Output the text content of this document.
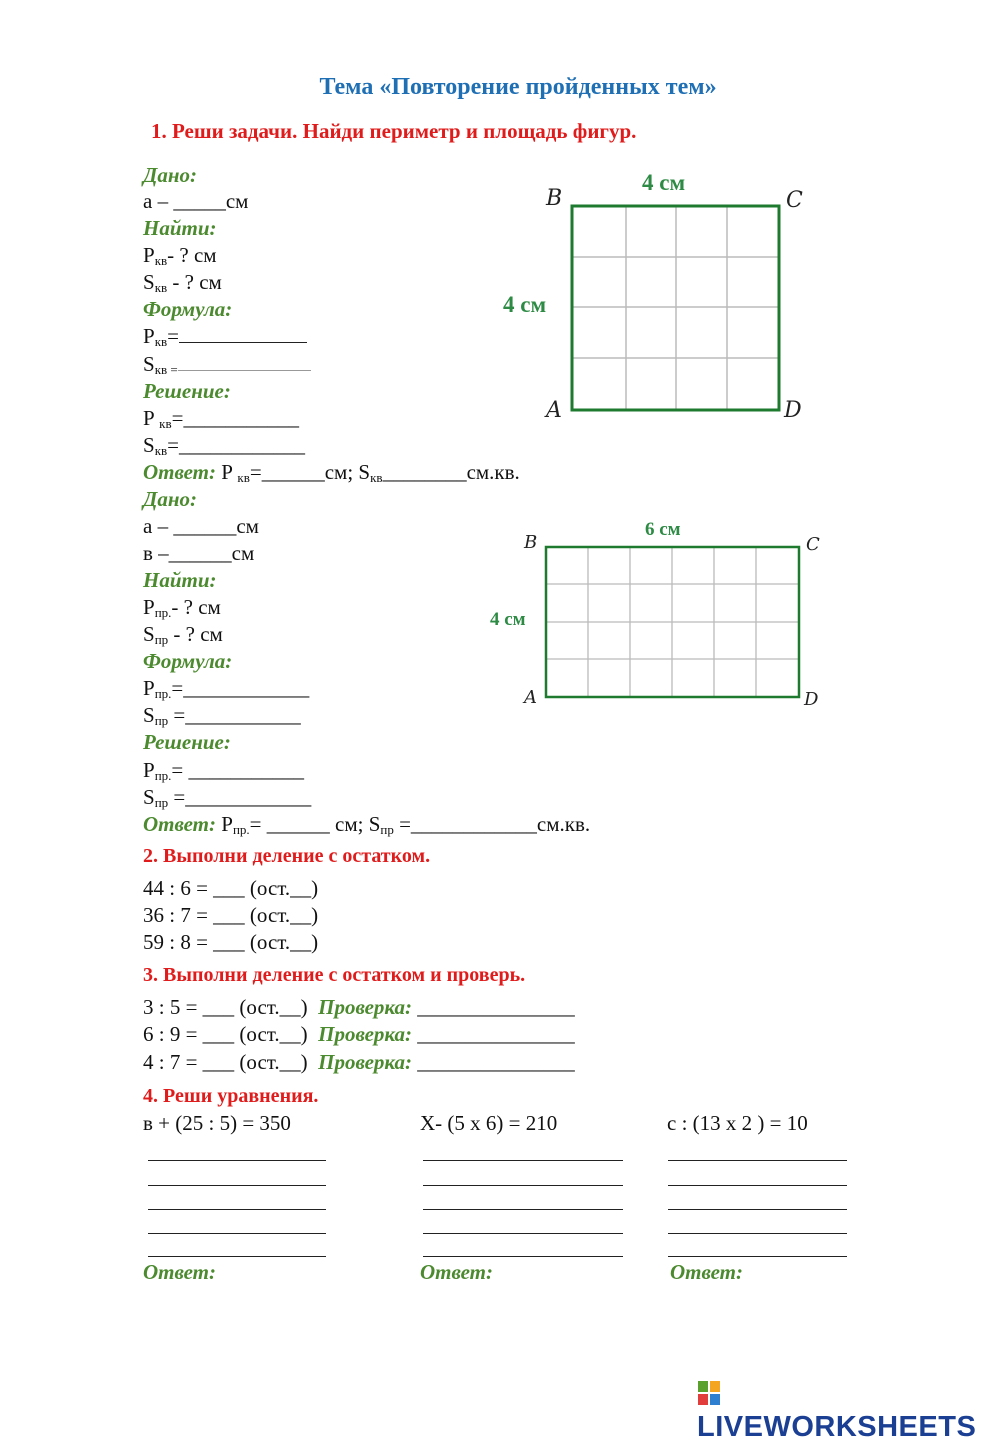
Тема «Повторение пройденных тем»
1. Реши задачи. Найди периметр и площадь фигур.
Дано:
а – _____см
Найти:
$P_{кв}-$ ? см
$S_{кв}$ - ? см
Формула:
$P_{кв}=$
$S_{кв =}$
Решение:
P $_{кв}$=___________
$S_{кв}=\_\_\_\_\_\_\_\_\_\_\_\_$
Ответ: P $_{кв}$=______см; $S_{кв}\_\_\_\_\_\_\_\_см.кв$.
4 см
4 см
B	C
A	D
Дано:
а – ______см
в –______см
Найти:
$P_{пр.}-$ ? см
$S_{пр}$ - ? см
Формула:
$P_{пр.}=\_\_\_\_\_\_\_\_\_\_\_\_$
$S_{пр}$ =___________
Решение:
$P_{пр.}=$ ___________
$S_{пр}$ =____________
Ответ: $P_{пр.}=$ ______ см; $S_{пр}$ =____________см.кв.
6 см
4 см
B	C
A	D
2. Выполни деление с остатком.
44 : 6 = ___ (ост.__)
36 : 7 = ___ (ост.__)
59 : 8 = ___ (ост.__)
3. Выполни деление с остатком и проверь.
3 : 5 = ___ (ост.__) Проверка: _______________
6 : 9 = ___ (ост.__) Проверка: _______________
4 : 7 = ___ (ост.__) Проверка: _______________
4. Реши уравнения.
в + (25 : 5) = 350	Х- (5 х 6) = 210	с : (13 х 2 ) = 10
Ответ:	Ответ:	Ответ:
LIVEWORKSHEETS
